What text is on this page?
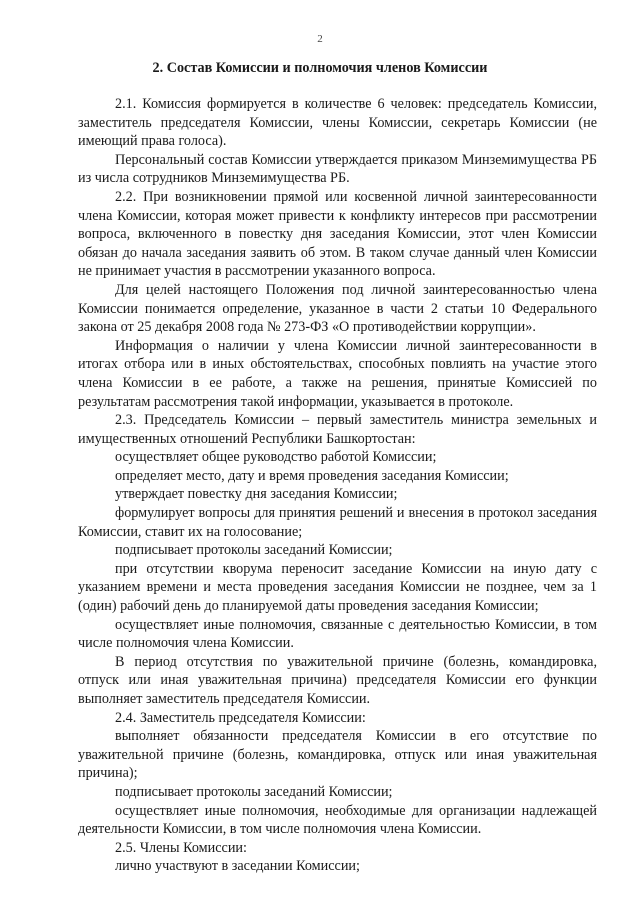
2
2. Состав Комиссии и полномочия членов Комиссии

2.1. Комиссия формируется в количестве 6 человек: председатель Комиссии, заместитель председателя Комиссии, члены Комиссии, секретарь Комиссии (не имеющий права голоса).

Персональный состав Комиссии утверждается приказом Минземимущества РБ из числа сотрудников Минземимущества РБ.

2.2. При возникновении прямой или косвенной личной заинтересованности члена Комиссии, которая может привести к конфликту интересов при рассмотрении вопроса, включенного в повестку дня заседания Комиссии, этот член Комиссии обязан до начала заседания заявить об этом. В таком случае данный член Комиссии не принимает участия в рассмотрении указанного вопроса.

Для целей настоящего Положения под личной заинтересованностью члена Комиссии понимается определение, указанное в части 2 статьи 10 Федерального закона от 25 декабря 2008 года № 273-ФЗ «О противодействии коррупции».

Информация о наличии у члена Комиссии личной заинтересованности в итогах отбора или в иных обстоятельствах, способных повлиять на участие этого члена Комиссии в ее работе, а также на решения, принятые Комиссией по результатам рассмотрения такой информации, указывается в протоколе.

2.3. Председатель Комиссии – первый заместитель министра земельных и имущественных отношений Республики Башкортостан:

осуществляет общее руководство работой Комиссии;

определяет место, дату и время проведения заседания Комиссии;

утверждает повестку дня заседания Комиссии;

формулирует вопросы для принятия решений и внесения в протокол заседания Комиссии, ставит их на голосование;

подписывает протоколы заседаний Комиссии;

при отсутствии кворума переносит заседание Комиссии на иную дату с указанием времени и места проведения заседания Комиссии не позднее, чем за 1 (один) рабочий день до планируемой даты проведения заседания Комиссии;

осуществляет иные полномочия, связанные с деятельностью Комиссии, в том числе полномочия члена Комиссии.

В период отсутствия по уважительной причине (болезнь, командировка, отпуск или иная уважительная причина) председателя Комиссии его функции выполняет заместитель председателя Комиссии.

2.4. Заместитель председателя Комиссии:

выполняет обязанности председателя Комиссии в его отсутствие по уважительной причине (болезнь, командировка, отпуск или иная уважительная причина);

подписывает протоколы заседаний Комиссии;

осуществляет иные полномочия, необходимые для организации надлежащей деятельности Комиссии, в том числе полномочия члена Комиссии.

2.5. Члены Комиссии:

лично участвуют в заседании Комиссии;
